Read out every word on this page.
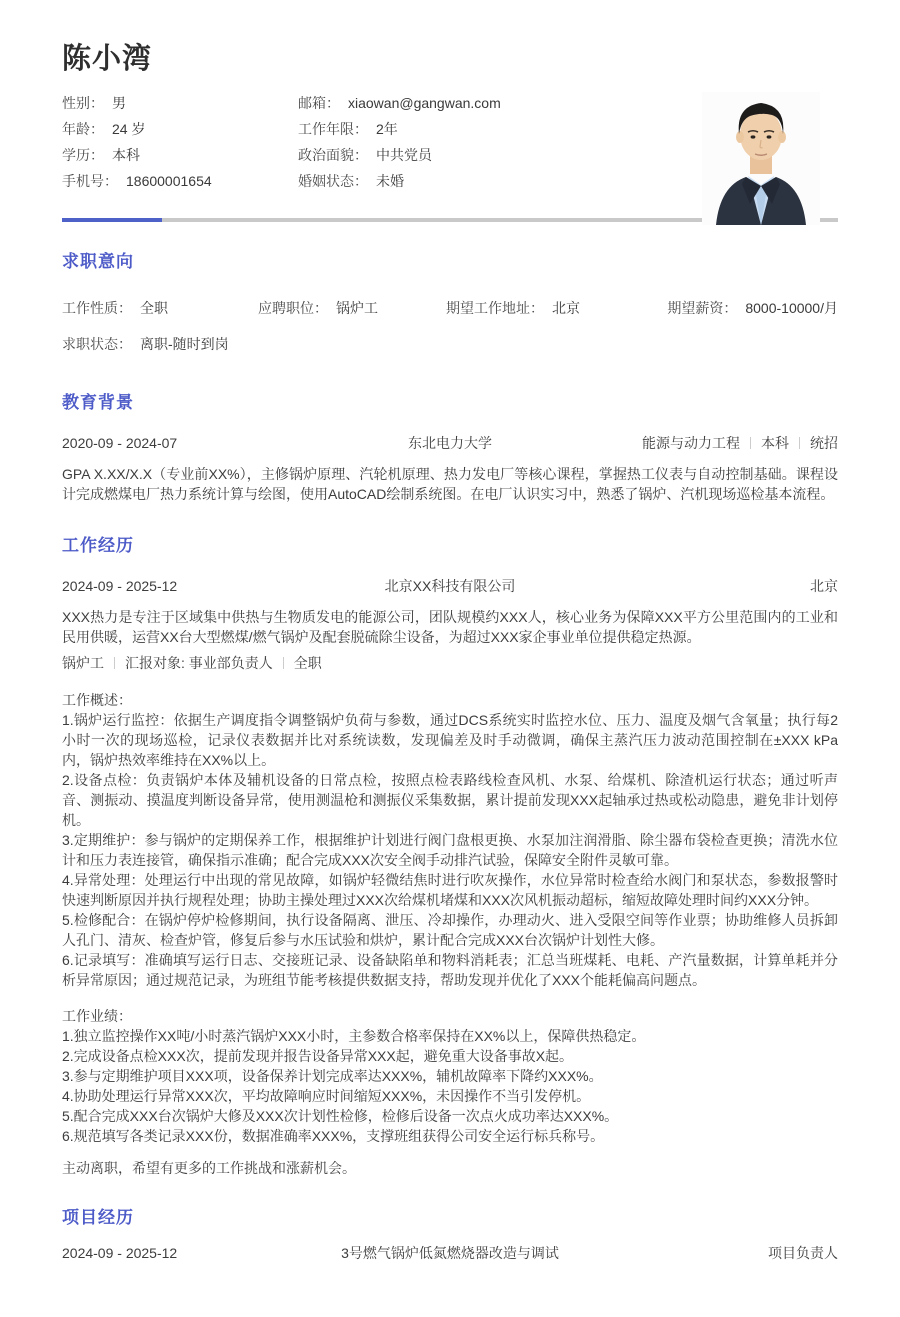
陈小湾
性别： 男
年龄： 24 岁
学历： 本科
手机号： 18600001654
邮箱： xiaowan@gangwan.com
工作年限： 2年
政治面貌： 中共党员
婚姻状态： 未婚
求职意向
工作性质： 全职	应聘职位： 锅炉工	期望工作地址： 北京	期望薪资： 8000-10000/月
求职状态： 离职-随时到岗
教育背景
2020-09 - 2024-07	东北电力大学	能源与动力工程 本科 统招
GPA X.XX/X.X（专业前XX%），主修锅炉原理、汽轮机原理、热力发电厂等核心课程，掌握热工仪表与自动控制基础。课程设计完成燃煤电厂热力系统计算与绘图，使用AutoCAD绘制系统图。在电厂认识实习中，熟悉了锅炉、汽机现场巡检基本流程。
工作经历
2024-09 - 2025-12	北京XX科技有限公司	北京
XXX热力是专注于区域集中供热与生物质发电的能源公司，团队规模约XXX人，核心业务为保障XXX平方公里范围内的工业和民用供暖，运营XX台大型燃煤/燃气锅炉及配套脱硫除尘设备，为超过XXX家企事业单位提供稳定热源。
锅炉工 汇报对象: 事业部负责人 全职
工作概述：
1.锅炉运行监控：依据生产调度指令调整锅炉负荷与参数，通过DCS系统实时监控水位、压力、温度及烟气含氧量；执行每2小时一次的现场巡检，记录仪表数据并比对系统读数，发现偏差及时手动微调，确保主蒸汽压力波动范围控制在±XXX kPa内，锅炉热效率维持在XX%以上。
2.设备点检：负责锅炉本体及辅机设备的日常点检，按照点检表路线检查风机、水泵、给煤机、除渣机运行状态；通过听声音、测振动、摸温度判断设备异常，使用测温枪和测振仪采集数据，累计提前发现XXX起轴承过热或松动隐患，避免非计划停机。
3.定期维护：参与锅炉的定期保养工作，根据维护计划进行阀门盘根更换、水泵加注润滑脂、除尘器布袋检查更换；清洗水位计和压力表连接管，确保指示准确；配合完成XXX次安全阀手动排汽试验，保障安全附件灵敏可靠。
4.异常处理：处理运行中出现的常见故障，如锅炉轻微结焦时进行吹灰操作，水位异常时检查给水阀门和泵状态，参数报警时快速判断原因并执行规程处理；协助主操处理过XXX次给煤机堵煤和XXX次风机振动超标，缩短故障处理时间约XXX分钟。
5.检修配合：在锅炉停炉检修期间，执行设备隔离、泄压、冷却操作，办理动火、进入受限空间等作业票；协助维修人员拆卸人孔门、清灰、检查炉管，修复后参与水压试验和烘炉，累计配合完成XXX台次锅炉计划性大修。
6.记录填写：准确填写运行日志、交接班记录、设备缺陷单和物料消耗表；汇总当班煤耗、电耗、产汽量数据，计算单耗并分析异常原因；通过规范记录，为班组节能考核提供数据支持，帮助发现并优化了XXX个能耗偏高问题点。
工作业绩：
1.独立监控操作XX吨/小时蒸汽锅炉XXX小时，主参数合格率保持在XX%以上，保障供热稳定。
2.完成设备点检XXX次，提前发现并报告设备异常XXX起，避免重大设备事故X起。
3.参与定期维护项目XXX项，设备保养计划完成率达XXX%，辅机故障率下降约XXX%。
4.协助处理运行异常XXX次，平均故障响应时间缩短XXX%，未因操作不当引发停机。
5.配合完成XXX台次锅炉大修及XXX次计划性检修，检修后设备一次点火成功率达XXX%。
6.规范填写各类记录XXX份，数据准确率XXX%，支撑班组获得公司安全运行标兵称号。
主动离职，希望有更多的工作挑战和涨薪机会。
项目经历
2024-09 - 2025-12	3号燃气锅炉低氮燃烧器改造与调试	项目负责人
